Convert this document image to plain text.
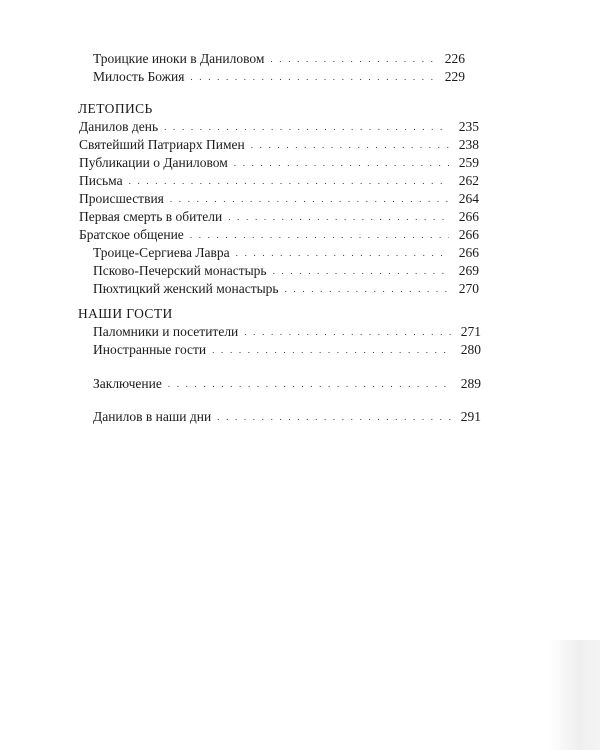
Троицкие иноки в Даниловом . . .	226
Милость Божия . . .	229
ЛЕТОПИСЬ
Данилов день . . .	235
Святейший Патриарх Пимен . . .	238
Публикации о Даниловом . . .	259
Письма . . .	262
Происшествия . . .	264
Первая смерть в обители . . .	266
Братское общение . . .	266
Троице-Сергиева Лавра . . .	266
Псково-Печерский монастырь . . .	269
Пюхтицкий женский монастырь . . .	270
НАШИ ГОСТИ
Паломники и посетители . . .	271
Иностранные гости . . .	280
Заключение . . .	289
Данилов в наши дни . . .	291
